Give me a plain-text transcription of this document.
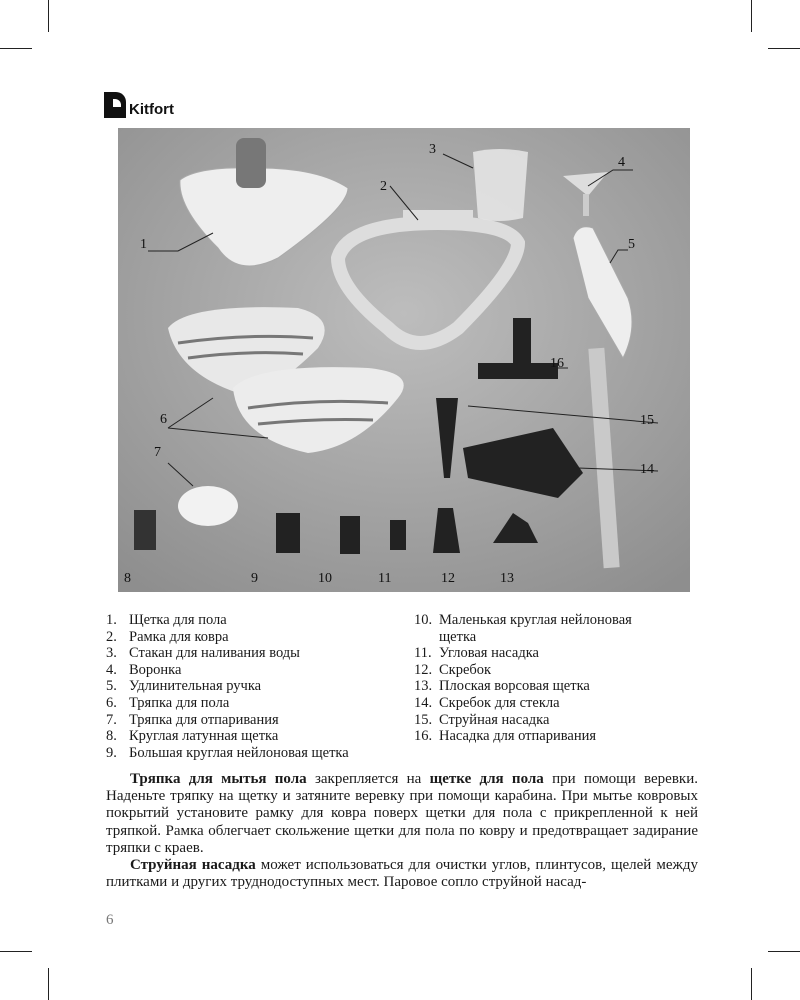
Kitfort
1
2
3
4
5
6
7
8	9	10	11	12	13
14
15
16
1. Щетка для пола
2. Рамка для ковра
3. Стакан для наливания воды
4. Воронка
5. Удлинительная ручка
6. Тряпка для пола
7. Тряпка для отпаривания
8. Круглая латунная щетка
9. Большая круглая нейлоновая щетка
10. Маленькая круглая нейлоновая щетка
11. Угловая насадка
12. Скребок
13. Плоская ворсовая щетка
14. Скребок для стекла
15. Струйная насадка
16. Насадка для отпаривания

Тряпка для мытья пола закрепляется на щетке для пола при помощи веревки. Наденьте тряпку на щетку и затяните веревку при помощи карабина. При мытье ковровых покрытий установите рамку для ковра поверх щетки для пола с прикрепленной к ней тряпкой. Рамка облегчает скольжение щетки для пола по ковру и предотвращает задирание тряпки с краев.

Струйная насадка может использоваться для очистки углов, плинтусов, щелей между плитками и других труднодоступных мест. Паровое сопло струйной насад-

6
